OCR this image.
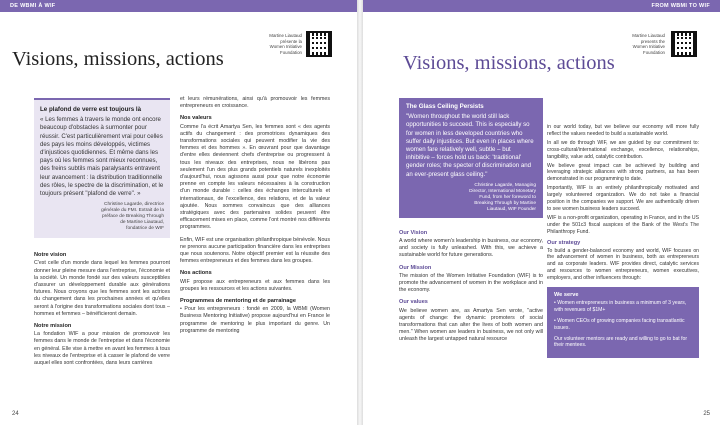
DE WBMI À WIF
Martine Liautaud
présente la
Women Initiative
Foundation
Visions, missions, actions
Le plafond de verre est toujours là
« Les femmes à travers le monde ont encore beaucoup d'obstacles à surmonter pour réussir. C'est particulièrement vrai pour celles des pays les moins développés, victimes d'injustices quotidiennes. Et même dans les pays où les femmes sont mieux reconnues, des freins subtils mais paralysants entravent leur avancement : la distribution traditionnelle des rôles, le spectre de la discrimination, et le toujours présent "plafond de verre". »
Christine Lagarde, directrice générale du FMI. Extrait de la préface de Breaking Through de Martine Liautaud, fondatrice de WIF
Notre vision

C'est celle d'un monde dans lequel les femmes pourront donner leur pleine mesure dans l'entreprise, l'économie et la société. Un monde fondé sur des valeurs susceptibles d'assurer un développement durable aux générations futures. Nous croyons que les femmes sont les actrices du changement dans les prochaines années et qu'elles seront à l'origine des transformations sociales dont tous – hommes et femmes – bénéficieront demain.

Notre mission

La fondation WIF a pour mission de promouvoir les femmes dans le monde de l'entreprise et dans l'économie en général. Elle vise à mettre en avant les femmes à tous les niveaux de l'entreprise et à casser le plafond de verre auquel elles sont confrontées, dans leurs carrières

et leurs rémunérations, ainsi qu'à promouvoir les femmes entrepreneurs en croissance.

Nos valeurs

Comme l'a écrit Amartya Sen, les femmes sont « des agents actifs du changement : des promotrices dynamiques des transformations sociales qui peuvent modifier la vie des femmes et des hommes ». En œuvrant pour que davantage d'entre elles deviennent chefs d'entreprise ou progressent à tous les niveaux des entreprises, nous ne libérons pas seulement l'un des plus grands potentiels naturels inexploités d'aujourd'hui, nous agissons aussi pour que notre économie prenne en compte les valeurs nécessaires à la construction d'un monde durable : celles des échanges interculturels et internationaux, de l'excellence, des relations, et de la valeur ajoutée. Nous sommes convaincus que des alliances stratégiques avec des partenaires solides peuvent être efficacement mises en place, comme l'ont montré nos différents programmes.

Enfin, WIF est une organisation philanthropique bénévole. Nous ne prenons aucune participation financière dans les entreprises que nous soutenons. Notre objectif premier est la réussite des femmes entrepreneurs et des femmes dans les groupes.

Nos actions

WIF propose aux entrepreneurs et aux femmes dans les groupes les ressources et les actions suivantes.

Programmes de mentoring et de parrainage

• Pour les entrepreneurs : fondé en 2009, la WBMI (Women Business Mentoring Initiative) propose aujourd'hui en France le programme de mentoring le plus important du genre. Un programme de mentoring

24
FROM WBMI TO WIF
Martine Liautaud
presents the
Women Initiative
Foundation
Visions, missions, actions
The Glass Ceiling Persists
"Women throughout the world still lack opportunities to succeed. This is especially so for women in less developed countries who suffer daily injustices. But even in places where women fare relatively well, subtle – but inhibitive – forces hold us back: 'traditional' gender roles; the specter of discrimination and an ever-present glass ceiling."
Christine Lagarde, Managing Director, International Monetary Fund, from her foreword to Breaking Through by Martine Liautaud, WIF Founder
Our Vision

A world where women's leadership in business, our economy, and society is fully unleashed. With this, we achieve a sustainable world for future generations.

Our Mission

The mission of the Women Initiative Foundation (WIF) is to promote the advancement of women in the workplace and in the economy.

Our values

We believe women are, as Amartya Sen wrote, "active agents of change: the dynamic promoters of social transformations that can alter the lives of both women and men." When women are leaders in business, we not only will unleash the largest untapped natural resource

in our world today, but we believe our economy will more fully reflect the values needed to build a sustainable world.

In all we do through WIF, we are guided by our commitment to: cross-cultural/international exchange, excellence, relationships, tangibility, value add, catalytic contribution.

We believe great impact can be achieved by building and leveraging strategic alliances with strong partners, as has been demonstrated in our programming to date.

Importantly, WIF is an entirely philanthropically motivated and largely volunteered organization. We do not take a financial position in the companies we support. We are authentically driven to see women business leaders succeed.

WIF is a non-profit organization, operating in France, and in the US under the 501c3 fiscal auspices of the Bank of the West's The Philanthropy Fund.

Our strategy

To build a gender-balanced economy and world, WIF focuses on the advancement of women in business, both as entrepreneurs and as corporate leaders. WIF provides direct, catalytic services and resources to women entrepreneurs, women executives, employers, and other influencers through:

We serve

• Women entrepreneurs in business a minimum of 3 years, with revenues of $1M+

• Women CEOs of growing companies facing transatlantic issues.

Our volunteer mentors are ready and willing to go to bat for their mentees.

25
